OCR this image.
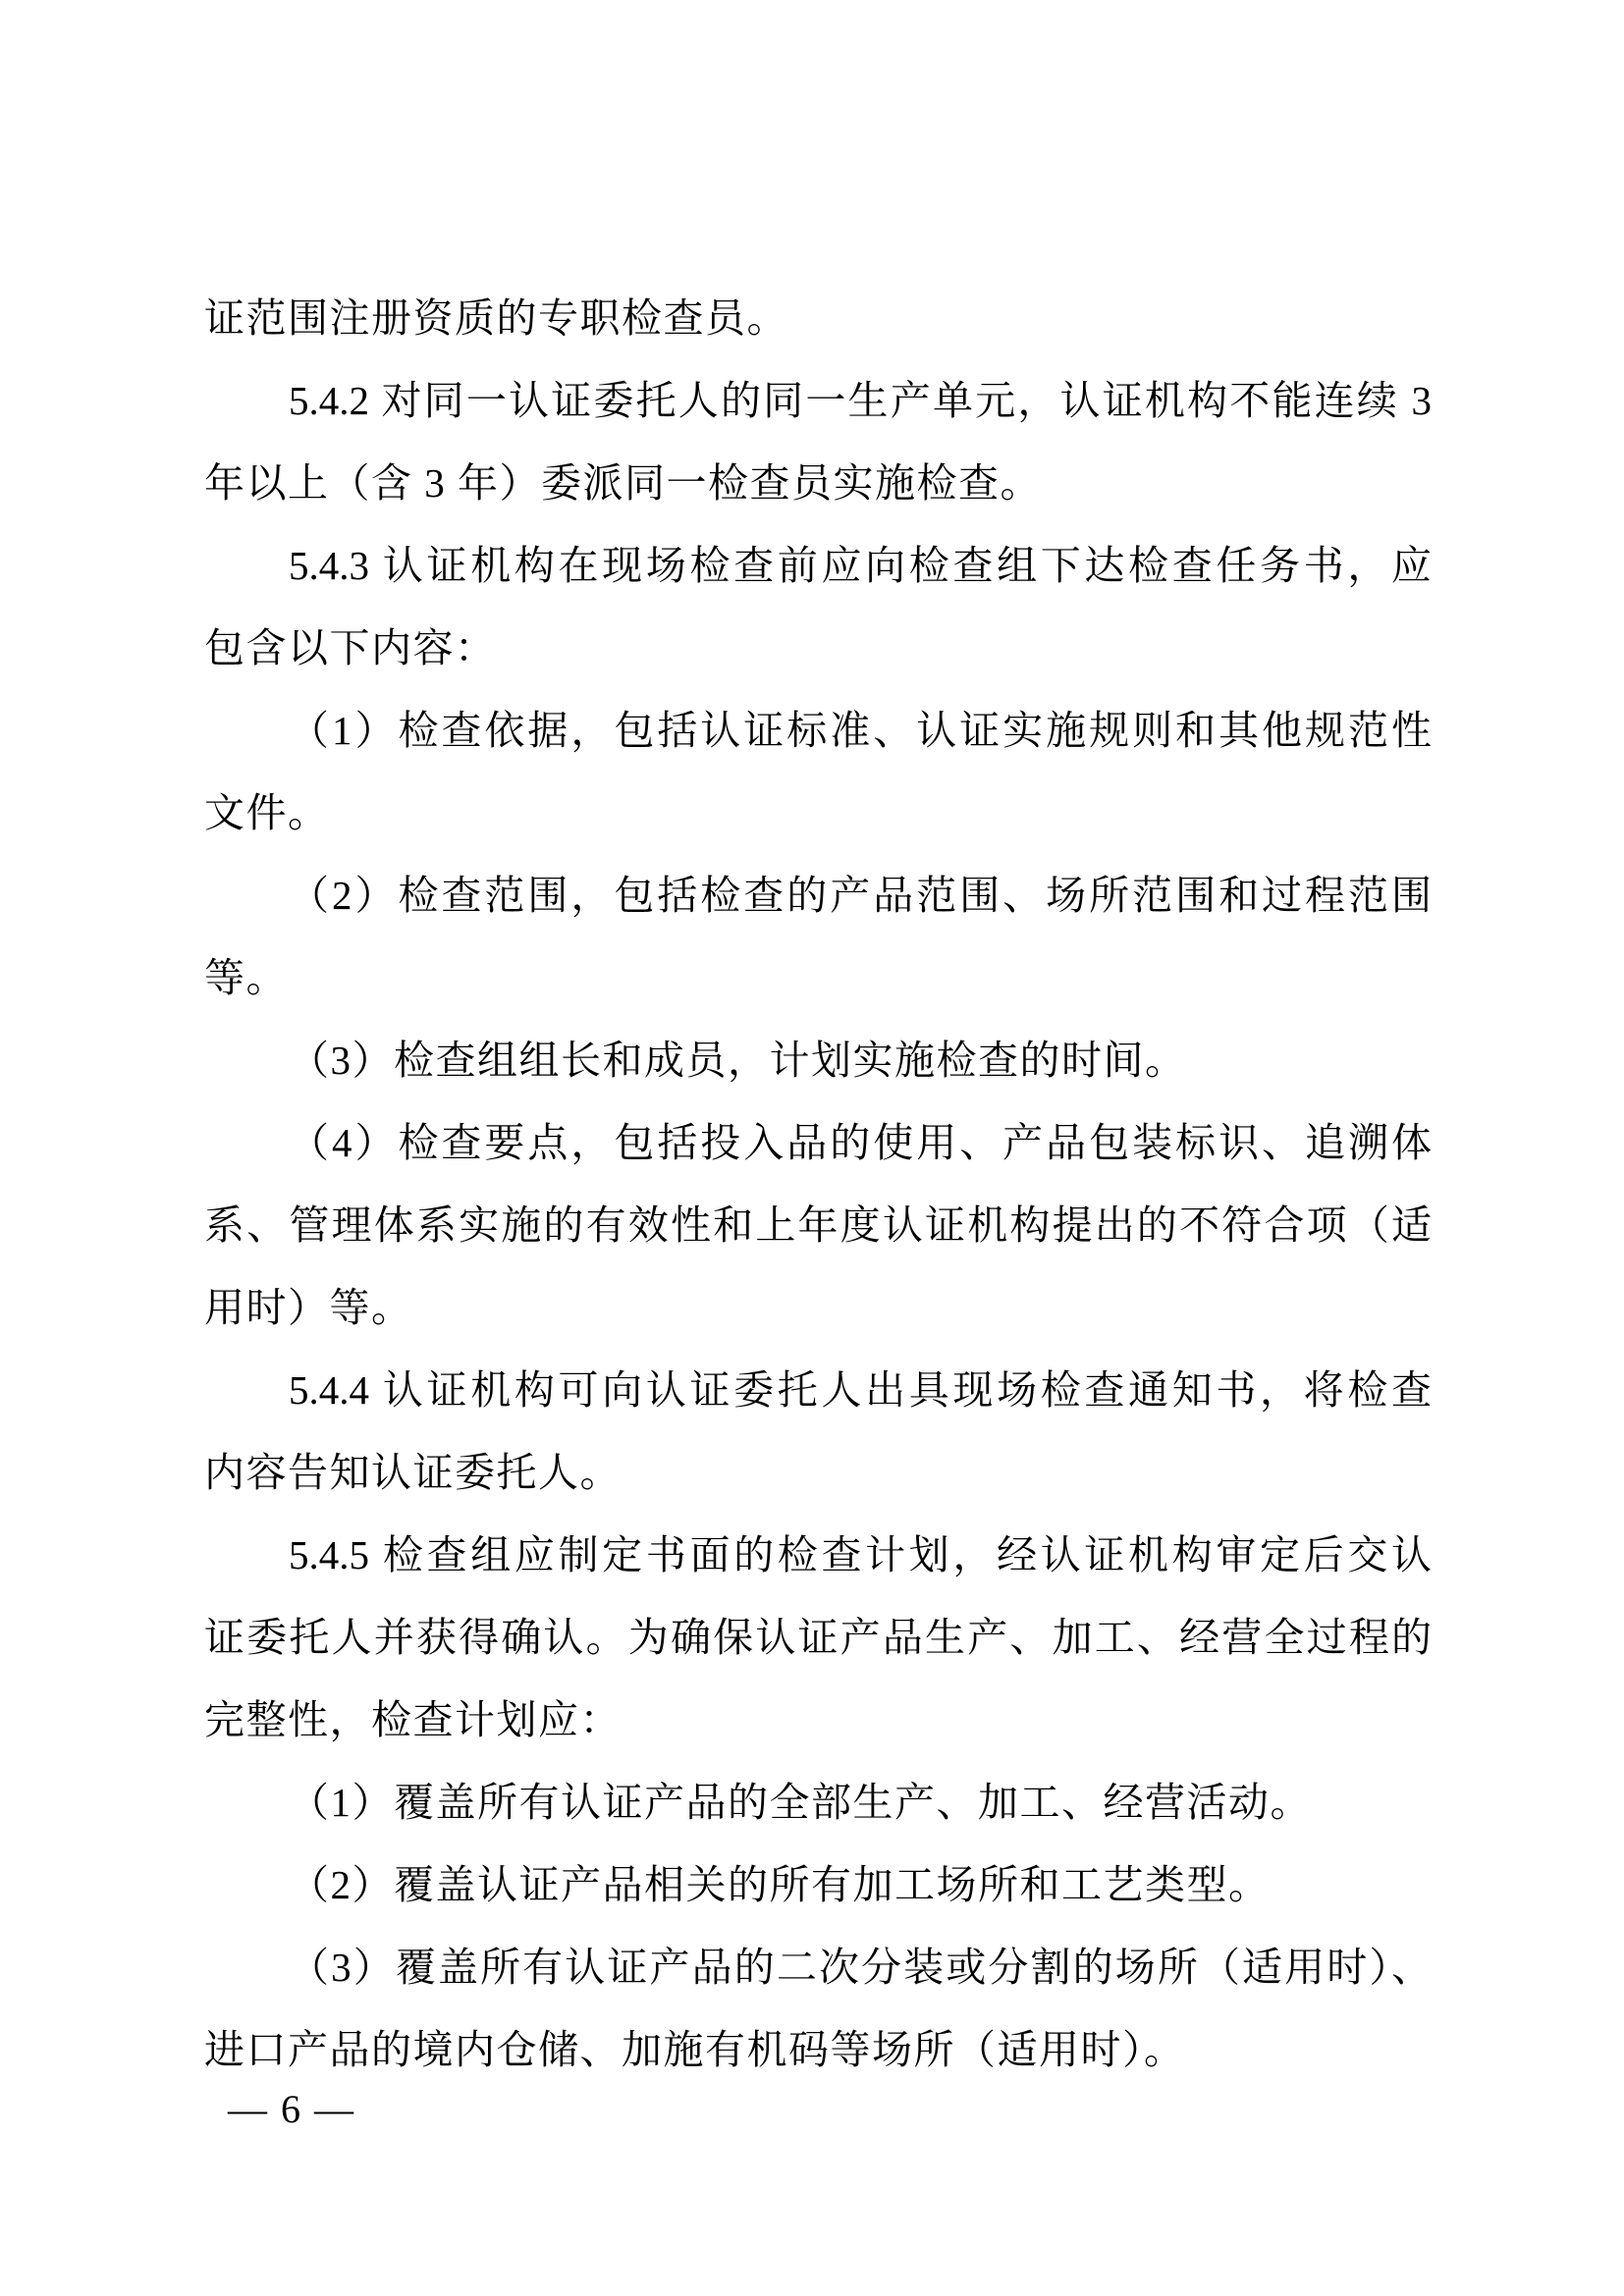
证范围注册资质的专职检查员。
5.4.2 对同一认证委托人的同一生产单元，认证机构不能连续 3
年以上（含 3 年）委派同一检查员实施检查。
5.4.3 认证机构在现场检查前应向检查组下达检查任务书，应
包含以下内容：
（1）检查依据，包括认证标准、认证实施规则和其他规范性
文件。
（2）检查范围，包括检查的产品范围、场所范围和过程范围
等。
（3）检查组组长和成员，计划实施检查的时间。
（4）检查要点，包括投入品的使用、产品包装标识、追溯体
系、管理体系实施的有效性和上年度认证机构提出的不符合项（适
用时）等。
5.4.4 认证机构可向认证委托人出具现场检查通知书，将检查
内容告知认证委托人。
5.4.5 检查组应制定书面的检查计划，经认证机构审定后交认
证委托人并获得确认。为确保认证产品生产、加工、经营全过程的
完整性，检查计划应：
（1）覆盖所有认证产品的全部生产、加工、经营活动。
（2）覆盖认证产品相关的所有加工场所和工艺类型。
（3）覆盖所有认证产品的二次分装或分割的场所（适用时）、
进口产品的境内仓储、加施有机码等场所（适用时）。
— 6 —
